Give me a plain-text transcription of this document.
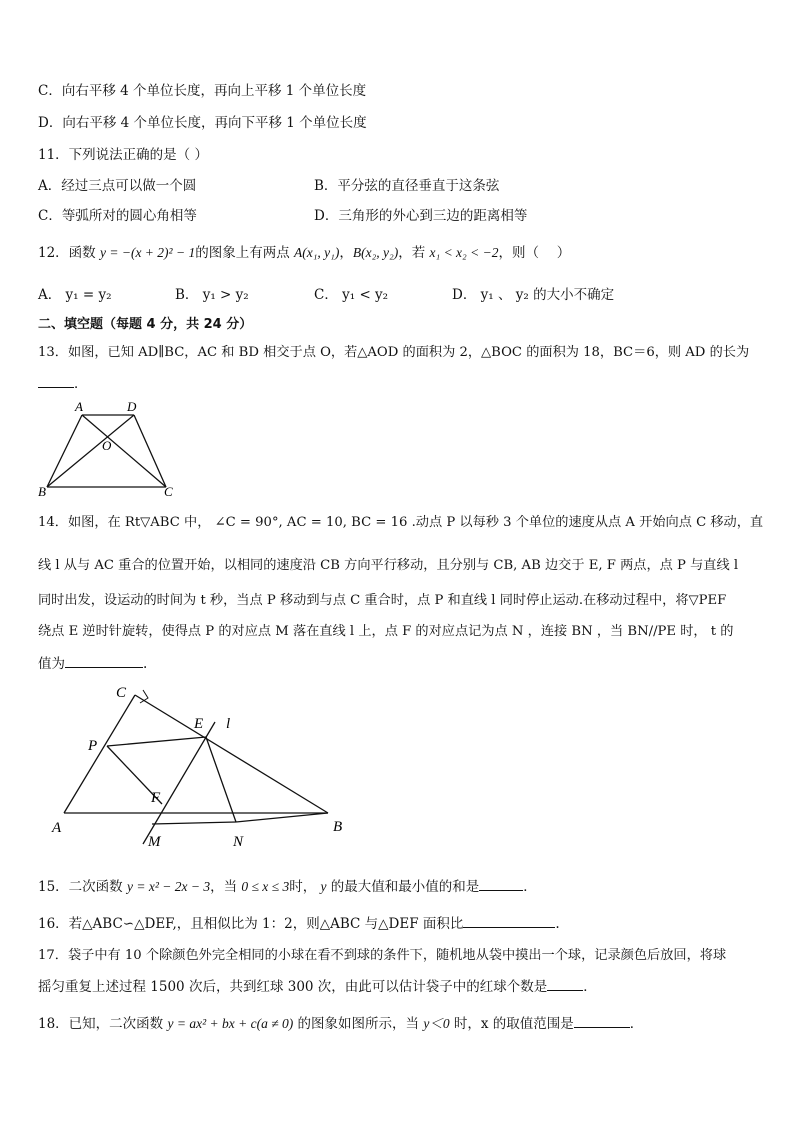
C．向右平移 4 个单位长度，再向上平移 1 个单位长度
D．向右平移 4 个单位长度，再向下平移 1 个单位长度
11．下列说法正确的是（ ）
A．经过三点可以做一个圆	B．平分弦的直径垂直于这条弦
C．等弧所对的圆心角相等	D．三角形的外心到三边的距离相等
12．函数 y = −(x + 2)² − 1的图象上有两点 A(x₁, y₁)，B(x₂, y₂)，若 x₁ < x₂ < −2，则（　 ）
A． y₁ = y₂	B． y₁ > y₂	C． y₁ < y₂	D． y₁ 、 y₂ 的大小不确定
二、填空题（每题 4 分，共 24 分）
13．如图，已知 AD∥BC，AC 和 BD 相交于点 O，若△AOD 的面积为 2，△BOC 的面积为 18，BC＝6，则 AD 的长为
．
A	D
O
B	C
14．如图，在 Rt▽ABC 中， ∠C = 90°, AC = 10, BC = 16 .动点 P 以每秒 3 个单位的速度从点 A 开始向点 C 移动，直
线 l 从与 AC 重合的位置开始，以相同的速度沿 CB 方向平行移动，且分别与 CB, AB 边交于 E, F 两点，点 P 与直线 l
同时出发，设运动的时间为 t 秒，当点 P 移动到与点 C 重合时，点 P 和直线 l 同时停止运动.在移动过程中，将▽PEF
绕点 E 逆时针旋转，使得点 P 的对应点 M 落在直线 l 上，点 F 的对应点记为点 N ，连接 BN ，当 BN//PE 时， t 的
值为	.
C
E l
P
F
A
M	N
B
15．二次函数 y = x² − 2x − 3，当 0 ≤ x ≤ 3时， y 的最大值和最小值的和是	．
16．若△ABC∽△DEF,，且相似比为 1：2，则△ABC 与△DEF 面积比	.
17．袋子中有 10 个除颜色外完全相同的小球在看不到球的条件下，随机地从袋中摸出一个球，记录颜色后放回，将球
摇匀重复上述过程 1500 次后，共到红球 300 次，由此可以估计袋子中的红球个数是	．
18．已知，二次函数 y = ax² + bx + c(a ≠ 0) 的图象如图所示，当 y＜0 时，x 的取值范围是	．
